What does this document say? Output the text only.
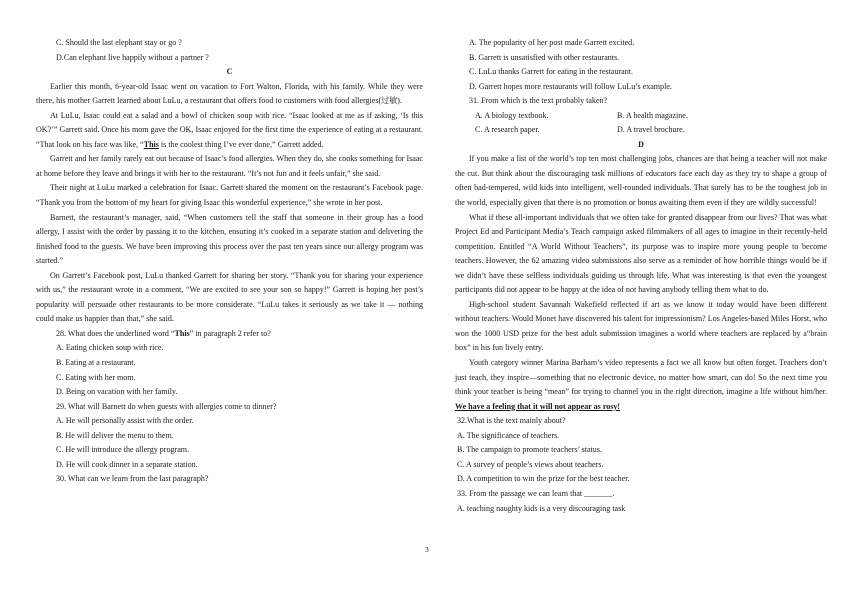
C. Should the last elephant stay or go ?

D.Can elephant live happily without a partner ?

C

Earlier this month, 6-year-old Isaac went on vacation to Fort Walton, Florida, with his family. While they were there, his mother Garrett learned about LuLu, a restaurant that offers food to customers with food allergies(过敏).

At LuLu, Isaac could eat a salad and a bowl of chicken soup with rice. “Isaac looked at me as if asking, ‘Is this OK?’” Garrett said. Once his mom gave the OK, Isaac enjoyed for the first time the experience of eating at a restaurant. “That look on his face was like, “This is the coolest thing I’ve ever done,” Garrett added.

Garrett and her family rarely eat out because of Isaac’s food allergies. When they do, she cooks something for Isaac at home before they leave and brings it with her to the restaurant. “It’s not fun and it feels unfair,” she said.

Their night at LuLu marked a celebration for Isaac. Garrett shared the moment on the restaurant’s Facebook page. “Thank you from the bottom of my heart for giving Isaac this wonderful experience,” she wrote in her post.

Barnett, the restaurant’s manager, said, “When customers tell the staff that someone in their group has a food allergy, I assist with the order by passing it to the kitchen, ensuring it’s cooked in a separate station and delivering the finished food to the guests. We have been improving this process over the past ten years since our allergy program was started.”

On Garrett’s Facebook post, LuLu thanked Garrett for sharing her story. “Thank you for sharing your experience with us,” the restaurant wrote in a comment, “We are excited to see your son so happy!” Garrett is hoping her post’s popularity will persuade other restaurants to be more considerate. “LuLu takes it seriously as we take it — nothing could make us happier than that,” she said.

28. What does the underlined word “This” in paragraph 2 refer to?

A. Eating chicken soup with rice.

B. Eating at a restaurant.

C. Eating with her mom.

D. Being on vacation with her family.

29. What will Barnett do when guests with allergies come to dinner?

A. He will personally assist with the order.

B. He will deliver the menu to them.

C. He will introduce the allergy program.

D. He will cook dinner in a separate station.

30. What can we learn from the last paragraph?

A. The popularity of her post made Garrett excited.

B. Garrett is unsatisfied with other restaurants.

C. LuLu thanks Garrett for eating in the restaurant.

D. Garrett hopes more restaurants will follow LuLu’s example.

31. From which is the text probably taken?

A. A biology textbook.	B. A health magazine.
C. A research paper.	D. A travel brochure.

D

If you make a list of the world’s top ten most challenging jobs, chances are that being a teacher will not make the cut. But think about the discouraging task millions of educators face each day as they try to shape a group of often bad-tempered, wild kids into intelligent, well-rounded individuals. That surely has to be the toughest job in the world, especially given that there is no promotion or bonus awaiting them even if they are wildly successful!

What if these all-important individuals that we often take for granted disappear from our lives? That was what Project Ed and Participant Media’s Teach campaign asked filmmakers of all ages to imagine in their recently-held competition. Entitled “A World Without Teachers”, its purpose was to inspire more young people to become teachers. However, the 62 amazing video submissions also serve as a reminder of how horrible things would be if we didn’t have these selfless individuals guiding us through life. What was interesting is that even the youngest participants did not appear to be happy at the idea of not having anybody telling them what to do.

High-school student Savannah Wakefield reflected if art as we know it today would have been different without teachers. Would Monet have discovered his talent for impressionism? Los Angeles-based Miles Horst, who won the 1000 USD prize for the best adult submission imagines a world where teachers are replaced by a“brain box” in his fun lively entry.

Youth category winner Marina Barham’s video represents a fact we all know but often forget. Teachers don’t just teach, they inspire—something that no electronic device, no matter how smart, can do! So the next time you think your teacher is being “mean” for trying to channel you in the right direction, imagine a life without him/her. We have a feeling that it will not appear as rosy!

32.What is the text mainly about?

A. The significance of teachers.

B. The campaign to promote teachers’ status.

C. A survey of people’s views about teachers.

D. A competition to win the prize for the best teacher.

33. From the passage we can learn that _______.

A. teaching naughty kids is a very discouraging task

3
